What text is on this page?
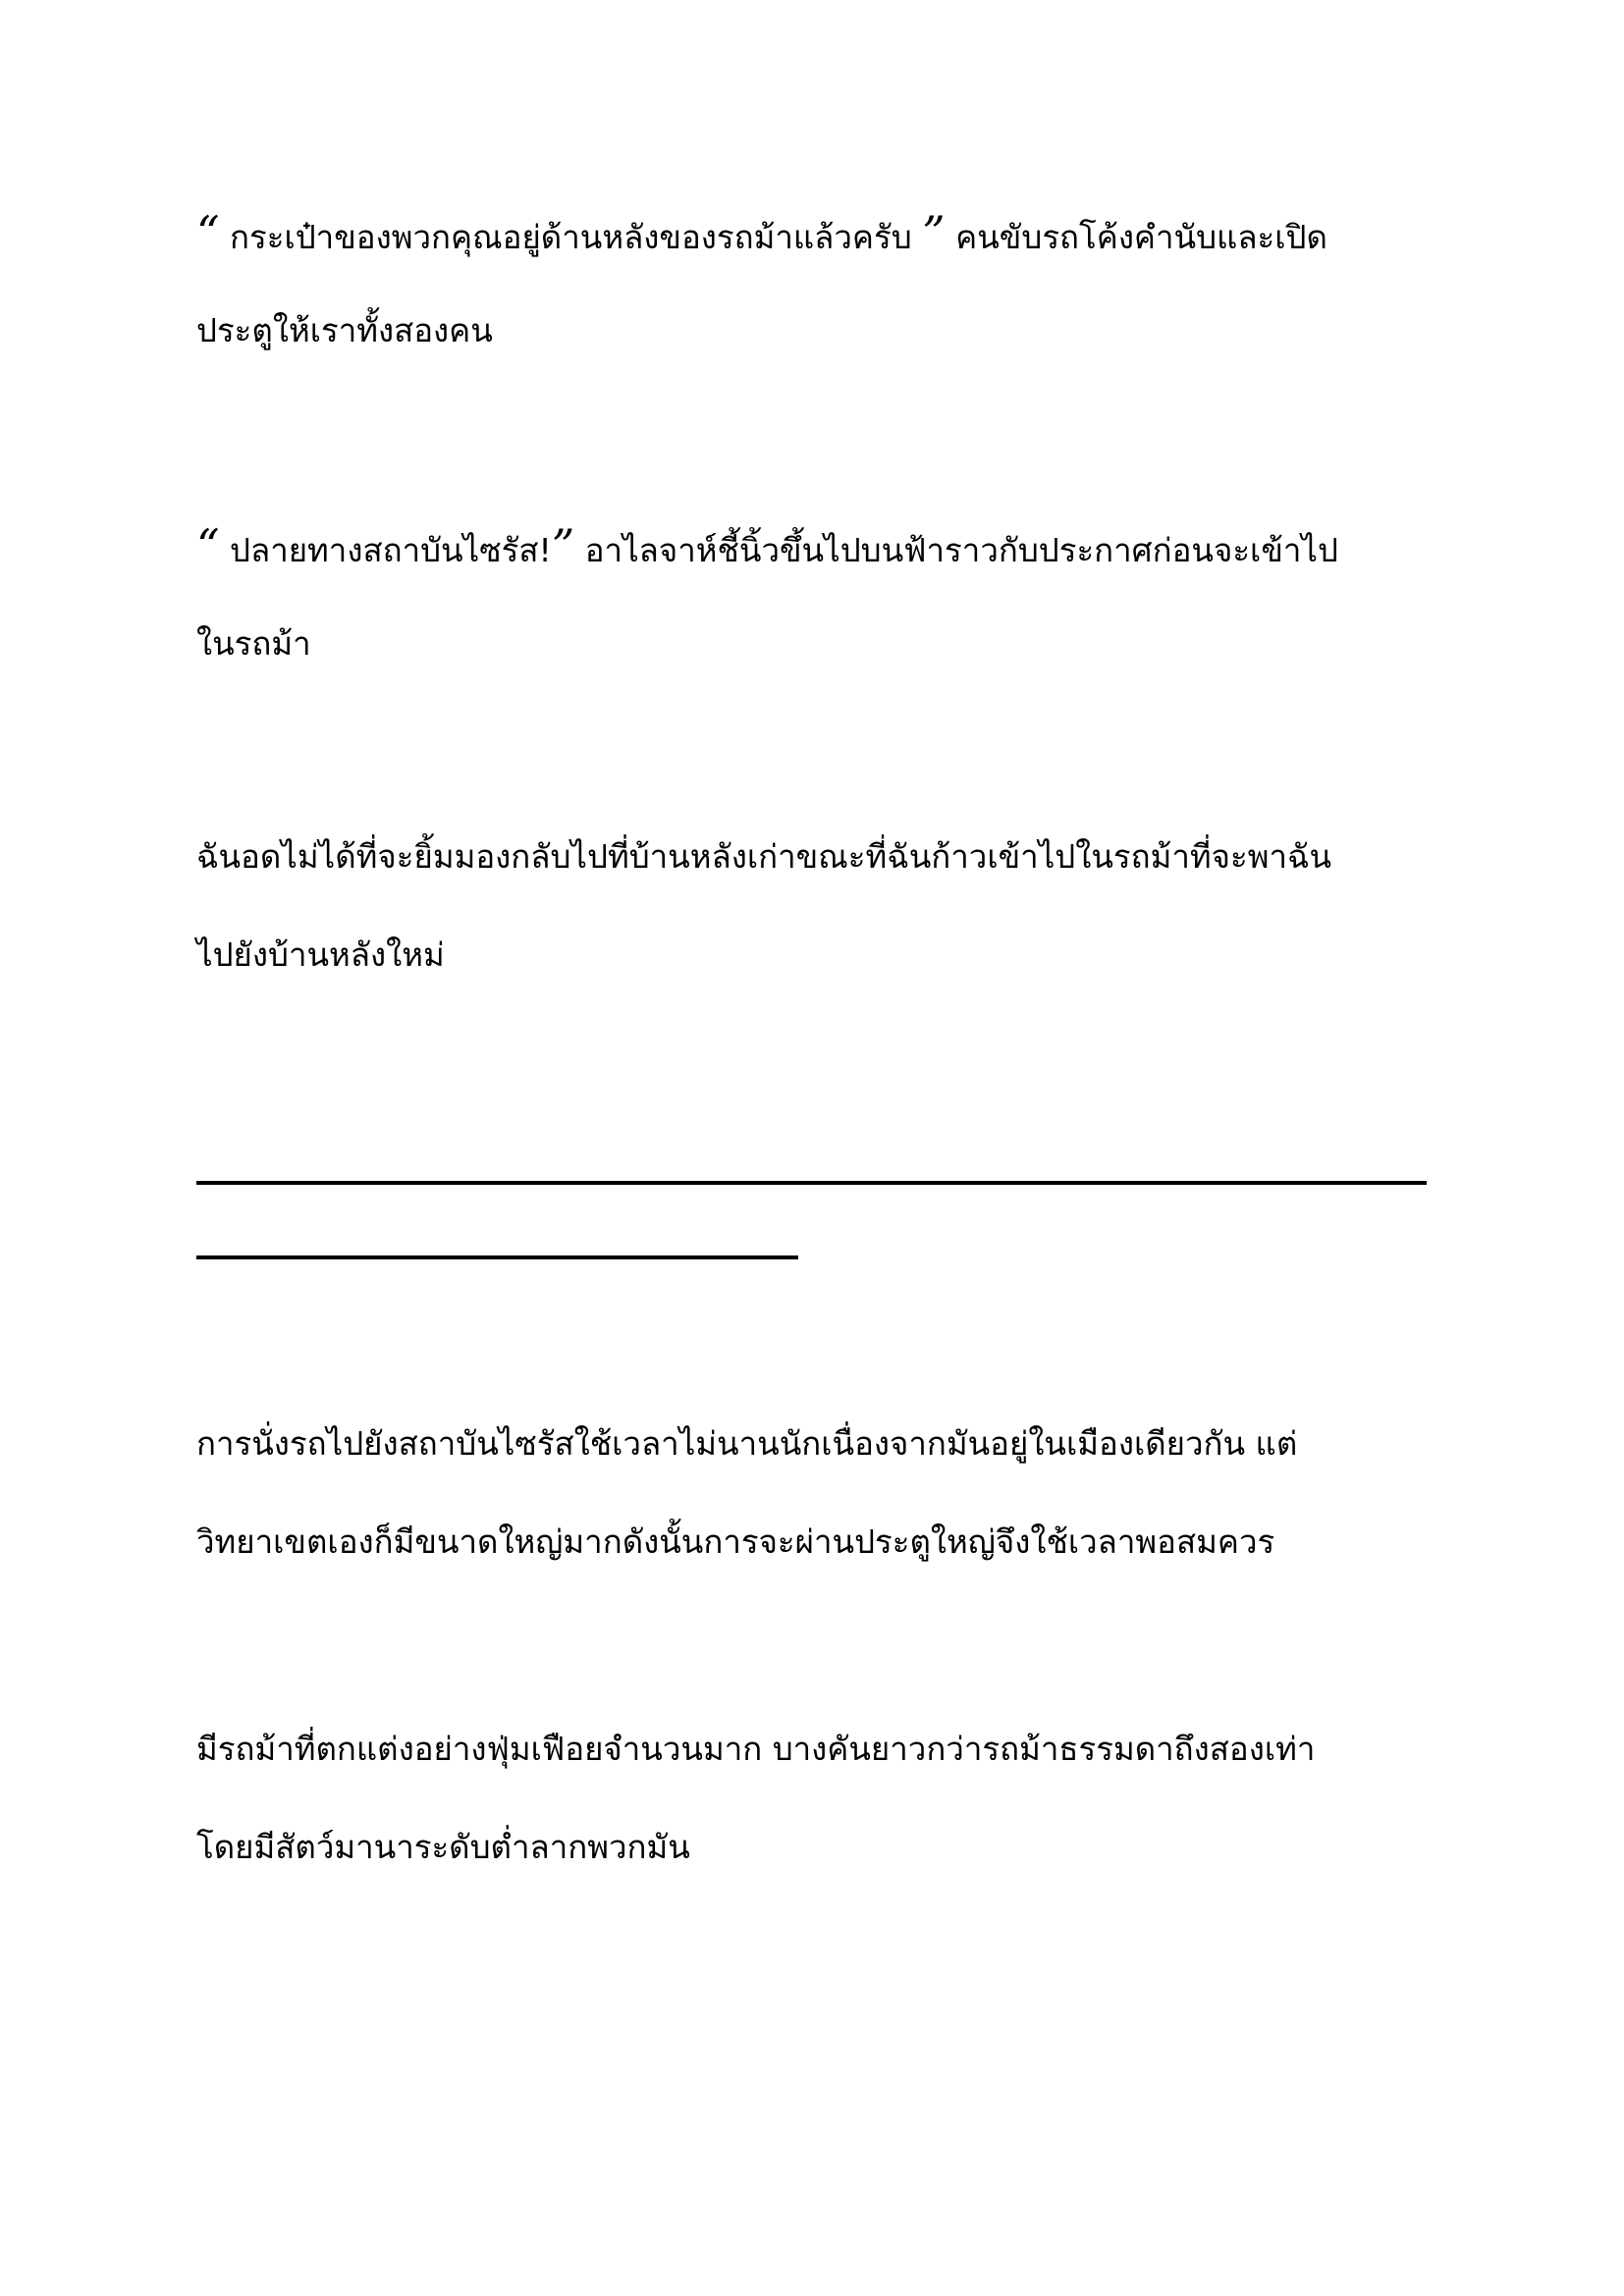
“ กระเป๋าของพวกคุณอยู่ด้านหลังของรถม้าแล้วครับ ” คนขับรถโค้งคำนับและเปิด
ประตูให้เราทั้งสองคน

“ ปลายทางสถาบันไซรัส!” อาไลจาห์ชี้นิ้วขึ้นไปบนฟ้าราวกับประกาศก่อนจะเข้าไป
ในรถม้า

ฉันอดไม่ได้ที่จะยิ้มมองกลับไปที่บ้านหลังเก่าขณะที่ฉันก้าวเข้าไปในรถม้าที่จะพาฉัน
ไปยังบ้านหลังใหม่

การนั่งรถไปยังสถาบันไซรัสใช้เวลาไม่นานนักเนื่องจากมันอยู่ในเมืองเดียวกัน แต่
วิทยาเขตเองก็มีขนาดใหญ่มากดังนั้นการจะผ่านประตูใหญ่จึงใช้เวลาพอสมควร

มีรถม้าที่ตกแต่งอย่างฟุ่มเฟือยจำนวนมาก บางคันยาวกว่ารถม้าธรรมดาถึงสองเท่า
โดยมีสัตว์มานาระดับต่ำลากพวกมัน
